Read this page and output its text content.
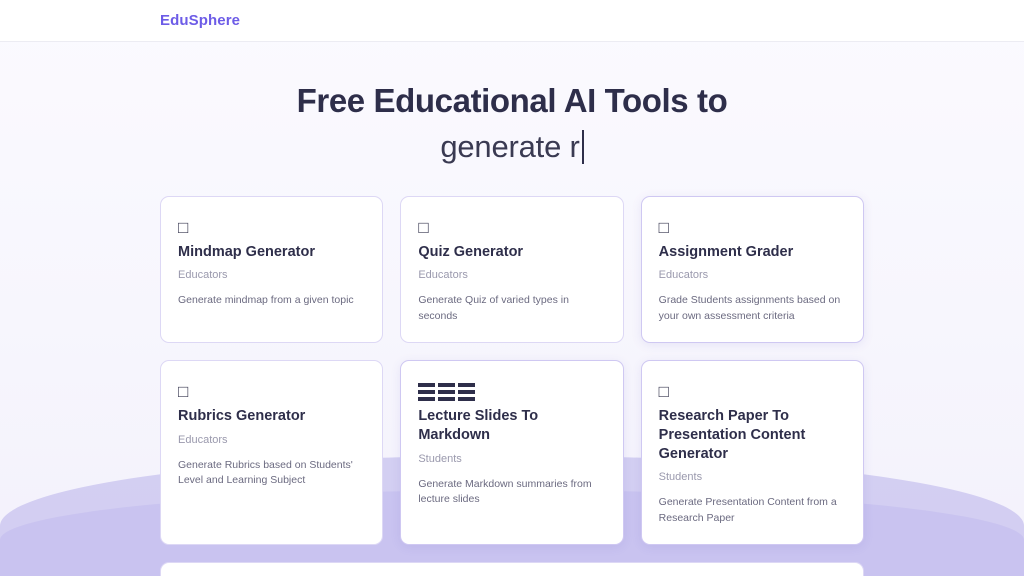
EduSphere
Free Educational AI Tools to
generate r
□
Mindmap Generator
Educators
Generate mindmap from a given topic
□
Quiz Generator
Educators
Generate Quiz of varied types in seconds
□
Assignment Grader
Educators
Grade Students assignments based on your own assessment criteria
□
Rubrics Generator
Educators
Generate Rubrics based on Students' Level and Learning Subject
Lecture Slides To Markdown
Students
Generate Markdown summaries from lecture slides
□
Research Paper To Presentation Content Generator
Students
Generate Presentation Content from a Research Paper
